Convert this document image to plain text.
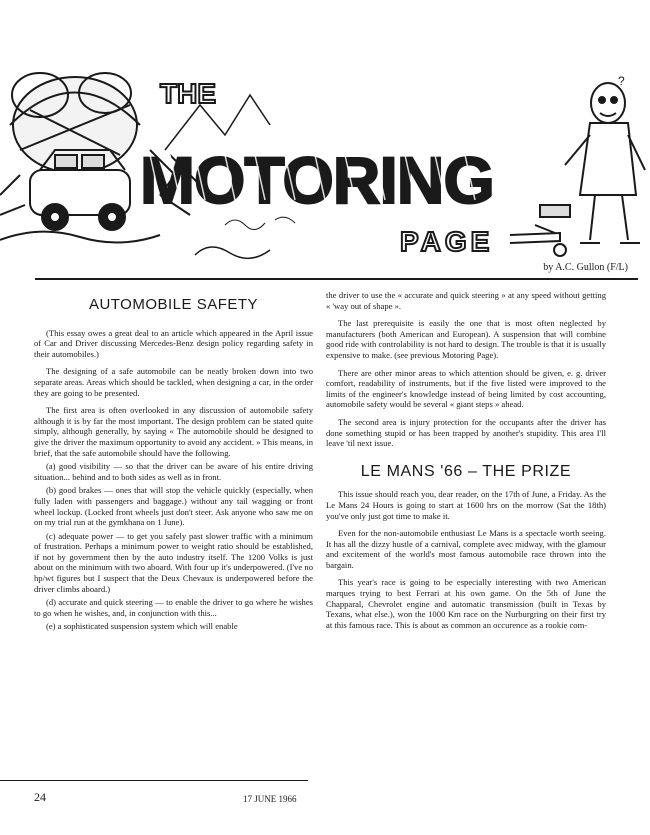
THE
MOTORING
PAGE
?
by A.C. Gullon (F/L)
AUTOMOBILE SAFETY

(This essay owes a great deal to an article which appeared in the April issue of Car and Driver discussing Mercedes-Benz design policy regarding safety in their automobiles.)

The designing of a safe automobile can be neatly broken down into two separate areas. Areas which should be tackled, when designing a car, in the order they are going to be presented.

The first area is often overlooked in any discussion of automobile safety although it is by far the most important. The design problem can be stated quite simply, although generally, by saying « The automobile should be designed to give the driver the maximum opportunity to avoid any accident. » This means, in brief, that the safe automobile should have the following.

(a) good visibility — so that the driver can be aware of his entire driving situation... behind and to both sides as well as in front.

(b) good brakes — ones that will stop the vehicle quickly (especially, when fully laden with passengers and baggage.) without any tail wagging or front wheel lockup. (Locked front wheels just don't steer. Ask anyone who saw me on on my trial run at the gymkhana on 1 June).

(c) adequate power — to get you safely past slower traffic with a minimum of frustration. Perhaps a minimum power to weight ratio should be established, if not by government then by the auto industry itself. The 1200 Volks is just about on the minimum with two aboard. With four up it's underpowered. (I've no hp/wt figures but I suspect that the Deux Chevaux is underpowered before the driver climbs aboard.)

(d) accurate and quick steering — to enable the driver to go where he wishes to go when he wishes, and, in conjunction with this...

(e) a sophisticated suspension system which will enable

the driver to use the « accurate and quick steering » at any speed without getting « 'way out of shape ».

The last prerequisite is easily the one that is most often neglected by manufacturers (both American and European). A suspension that will combine good ride with controlability is not hard to design. The trouble is that it is usually expensive to make. (see previous Motoring Page).

There are other minor areas to which attention should be given, e. g. driver comfort, readability of instruments, but if the five listed were improved to the limits of the engineer's knowledge instead of being limited by cost accounting, automobile safety would be several « giant steps » ahead.

The second area is injury protection for the occupants after the driver has done something stupid or has been trapped by another's stupidity. This area I'll leave 'til next issue.

LE MANS '66 – THE PRIZE

This issue should reach you, dear reader, on the 17th of June, a Friday. As the Le Mans 24 Hours is going to start at 1600 hrs on the morrow (Sat the 18th) you've only just got time to make it.

Even for the non-automobile enthusiast Le Mans is a spectacle worth seeing. It has all the dizzy hustle of a carnival, complete avec midway, with the glamour and excitement of the world's most famous automobile race thrown into the bargain.

This year's race is going to be especially interesting with two American marques trying to best Ferrari at his own game. On the 5th of June the Chapparal, Chevrolet engine and automatic transmission (built in Texas by Texans, what else.), won the 1000 Km race on the Nurburgring on their first try at this famous race. This is about as common an occurence as a rookie com-

24	17 JUNE 1966
